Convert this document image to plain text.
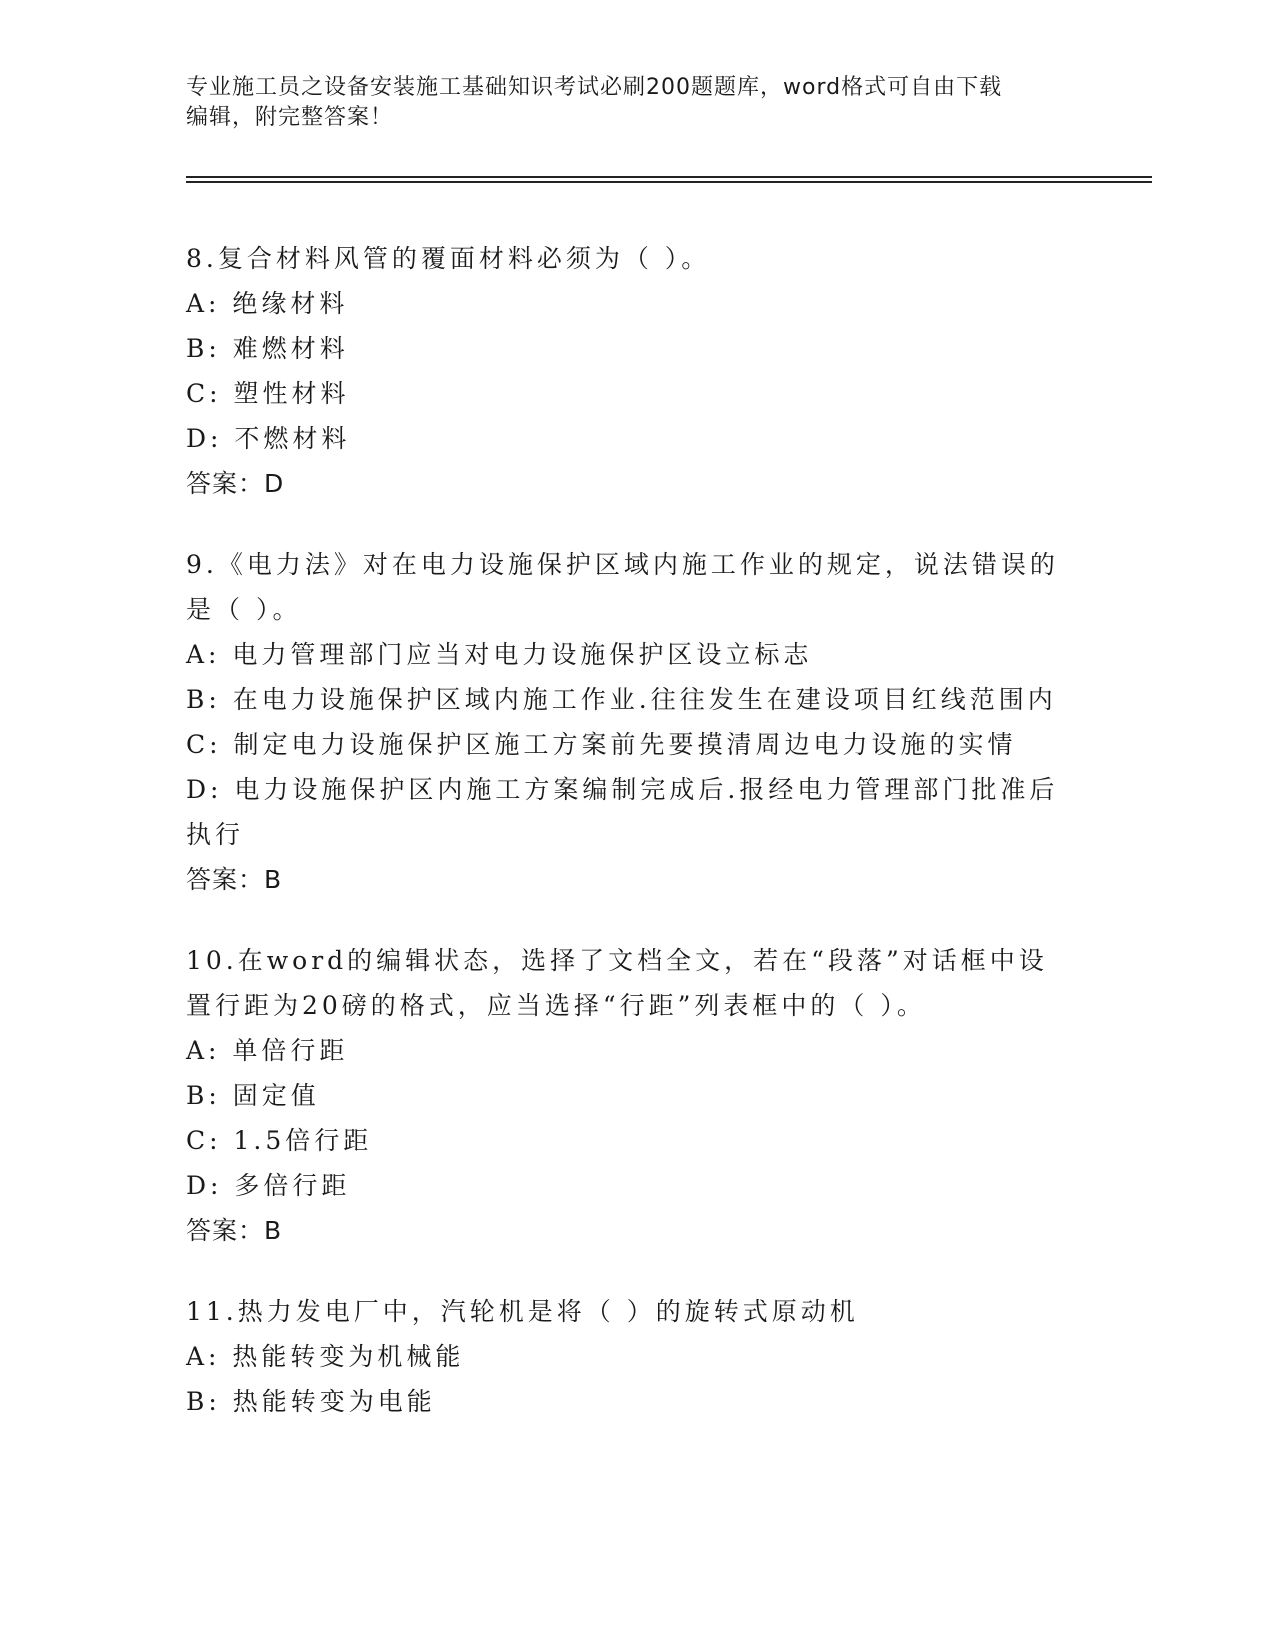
专业施工员之设备安装施工基础知识考试必刷200题题库，word格式可自由下载
编辑，附完整答案！
8.复合材料风管的覆面材料必须为（ ）。
A: 绝缘材料
B: 难燃材料
C: 塑性材料
D: 不燃材料
答案：D
9.《电力法》对在电力设施保护区域内施工作业的规定，说法错误的
是（ ）。
A: 电力管理部门应当对电力设施保护区设立标志
B: 在电力设施保护区域内施工作业.往往发生在建设项目红线范围内
C: 制定电力设施保护区施工方案前先要摸清周边电力设施的实情
D: 电力设施保护区内施工方案编制完成后.报经电力管理部门批准后
执行
答案：B
10.在word的编辑状态，选择了文档全文，若在“段落”对话框中设
置行距为20磅的格式，应当选择“行距”列表框中的（ ）。
A: 单倍行距
B: 固定值
C: 1.5倍行距
D: 多倍行距
答案：B
11.热力发电厂中，汽轮机是将（ ）的旋转式原动机
A: 热能转变为机械能
B: 热能转变为电能
